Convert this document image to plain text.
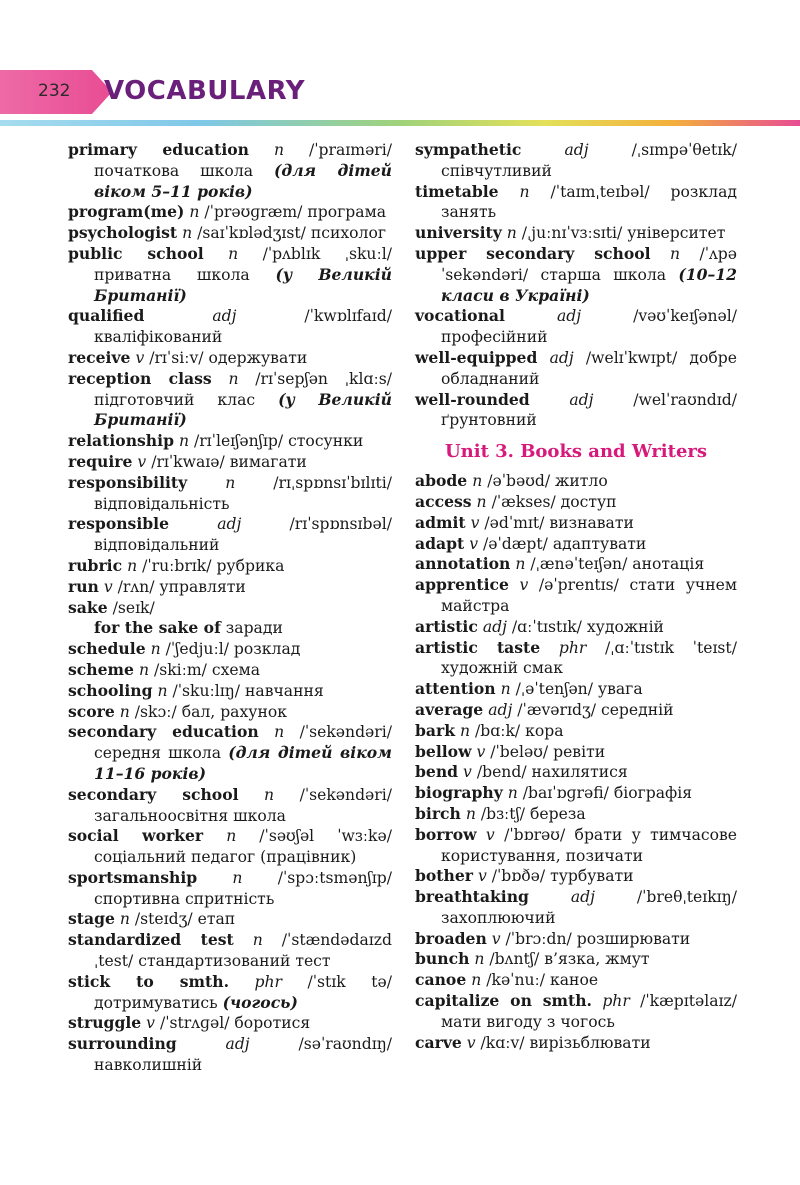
232 VOCABULARY

primary education n /ˈpraɪməri/ початкова школа (для дітей віком 5–11 років)

program(me) n /ˈprəʊɡræm/ програма

psychologist n /saɪˈkɒlədʒɪst/ психолог

public school n /ˈpʌblɪk ˌskuːl/ приватна школа (у Великій Британії)

qualified	adj	/ˈkwɒlɪfaɪd/ кваліфікований

receive v /rɪˈsiːv/ одержувати

reception class n /rɪˈsepʃən ˌklɑːs/ підготовчий клас (у Великій Британії)

relationship n /rɪˈleɪʃənʃɪp/ стосунки

require v /rɪˈkwaɪə/ вимагати

responsibility n /rɪˌspɒnsɪˈbɪlɪti/ відповідальність

responsible	adj	/rɪˈspɒnsɪbəl/ відповідальний

rubric n /ˈruːbrɪk/ рубрика

run v /rʌn/ управляти

sake /seɪk/

for the sake of заради

schedule n /ˈʃedjuːl/ розклад

scheme n /skiːm/ схема

schooling n /ˈskuːlɪŋ/ навчання

score n /skɔː/ бал, рахунок

secondary education n /ˈsekəndəri/ середня школа (для дітей віком 11–16 років)

secondary school n /ˈsekəndəri/ загальноосвітня школа

social worker n /ˈsəʊʃəl ˈwɜːkə/ соціальний педагог (працівник)

sportsmanship n /ˈspɔːtsmənʃɪp/ спортивна спритність

stage n /steɪdʒ/ етап

standardized test n /ˈstændədaɪzd ˌtest/ стандартизований тест

stick to smth. phr /ˈstɪk tə/ дотримуватись (чогось)

struggle v /ˈstrʌɡəl/ боротися

surrounding	adj	/səˈraʊndɪŋ/ навколишній

sympathetic	adj	/ˌsɪmpəˈθetɪk/ співчутливий

timetable n /ˈtaɪmˌteɪbəl/ розклад занять

university n /ˌjuːnɪˈvɜːsɪti/ університет

upper secondary school n /ˈʌpə ˈsekəndəri/ старша школа (10–12 класи в Україні)

vocational	adj	/vəʊˈkeɪʃənəl/ професійний

well-equipped adj /welɪˈkwɪpt/ добре обладнаний

well-rounded	adj	/welˈraʊndɪd/ ґрунтовний

Unit 3. Books and Writers

abode n /əˈbəʊd/ житло

access n /ˈækses/ доступ

admit v /ədˈmɪt/ визнавати

adapt v /əˈdæpt/ адаптувати

annotation n /ˌænəˈteɪʃən/ анотація

apprentice v /əˈprentɪs/ стати учнем майстра

artistic adj /ɑːˈtɪstɪk/ художній

artistic taste phr /ˌɑːˈtɪstɪk ˈteɪst/ художній смак

attention n /ˌəˈtenʃən/ увага

average adj /ˈævərɪdʒ/ середній

bark n /bɑːk/ кора

bellow v /ˈbeləʊ/ ревіти

bend v /bend/ нахилятися

biography n /baɪˈɒɡrəfi/ біографія

birch n /bɜːtʃ/ береза

borrow v /ˈbɒrəʊ/ брати у тимчасове користування, позичати

bother v /ˈbɒðə/ турбувати

breathtaking	adj	/ˈbreθˌteɪkɪŋ/ захоплюючий

broaden v /ˈbrɔːdn/ розширювати

bunch n /bʌntʃ/ в’язка, жмут

canoe n /kəˈnuː/ каное

capitalize on smth. phr /ˈkæpɪtəlaɪz/ мати вигоду з чогось

carve v /kɑːv/ вирізьблювати
